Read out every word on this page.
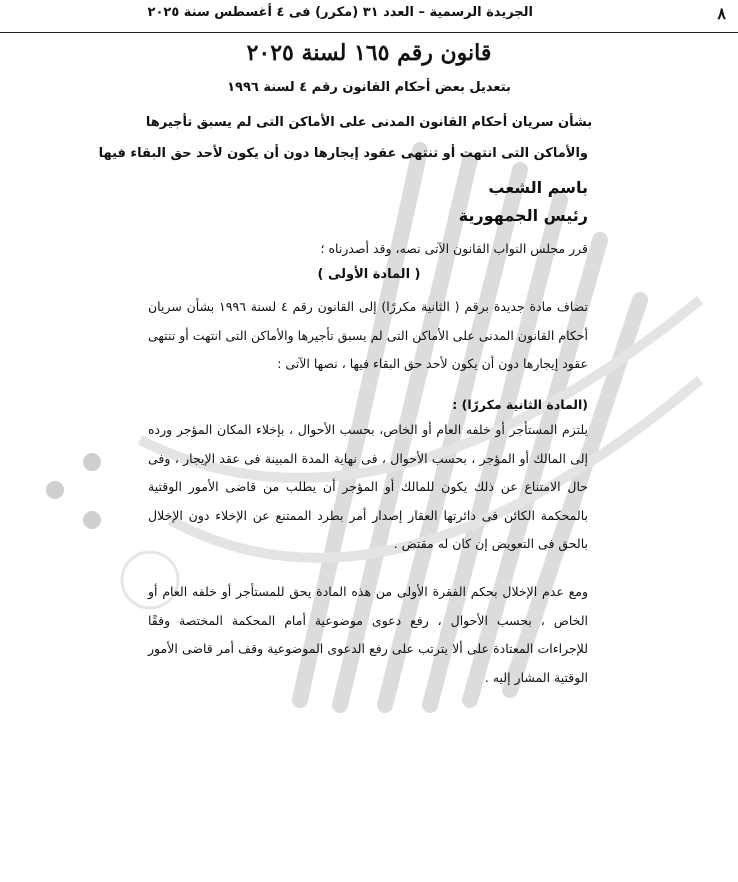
٨
الجريدة الرسمية – العدد ٣١ (مكرر) فى ٤ أغسطس سنة ٢٠٢٥
قانون رقم ١٦٥ لسنة ٢٠٢٥
بتعديل بعض أحكام القانون رقم ٤ لسنة ١٩٩٦
بشأن سريان أحكام القانون المدنى على الأماكن التى لم يسبق تأجيرها
والأماكن التى انتهت أو تنتهى عقود إيجارها دون أن يكون لأحد حق البقاء فيها
باسم الشعب
رئيس الجمهورية
قرر مجلس النواب القانون الآتى نصه، وقد أصدرناه ؛
( المادة الأولى )
تضاف مادة جديدة برقم ( الثانية مكررًا) إلى القانون رقم ٤ لسنة ١٩٩٦ بشأن سريان أحكام القانون المدنى على الأماكن التى لم يسبق تأجيرها والأماكن التى انتهت أو تنتهى عقود إيجارها دون أن يكون لأحد حق البقاء فيها ، نصها الآتى :
(المادة الثانية مكررًا) :
يلتزم المستأجر أو خلفه العام أو الخاص، بحسب الأحوال ، بإخلاء المكان المؤجر ورده إلى المالك أو المؤجر ، بحسب الأحوال ، فى نهاية المدة المبينة فى عقد الإيجار ، وفى حال الامتناع عن ذلك يكون للمالك أو المؤجر أن يطلب من قاضى الأمور الوقتية بالمحكمة الكائن فى دائرتها العقار إصدار أمر بطرد الممتنع عن الإخلاء دون الإخلال بالحق فى التعويض إن كان له مقتض .
ومع عدم الإخلال بحكم الفقرة الأولى من هذه المادة يحق للمستأجر أو خلفه العام أو الخاص ، بحسب الأحوال ، رفع دعوى موضوعية أمام المحكمة المختصة وفقًا للإجراءات المعتادة على ألا يترتب على رفع الدعوى الموضوعية وقف أمر قاضى الأمور الوقتية المشار إليه .
